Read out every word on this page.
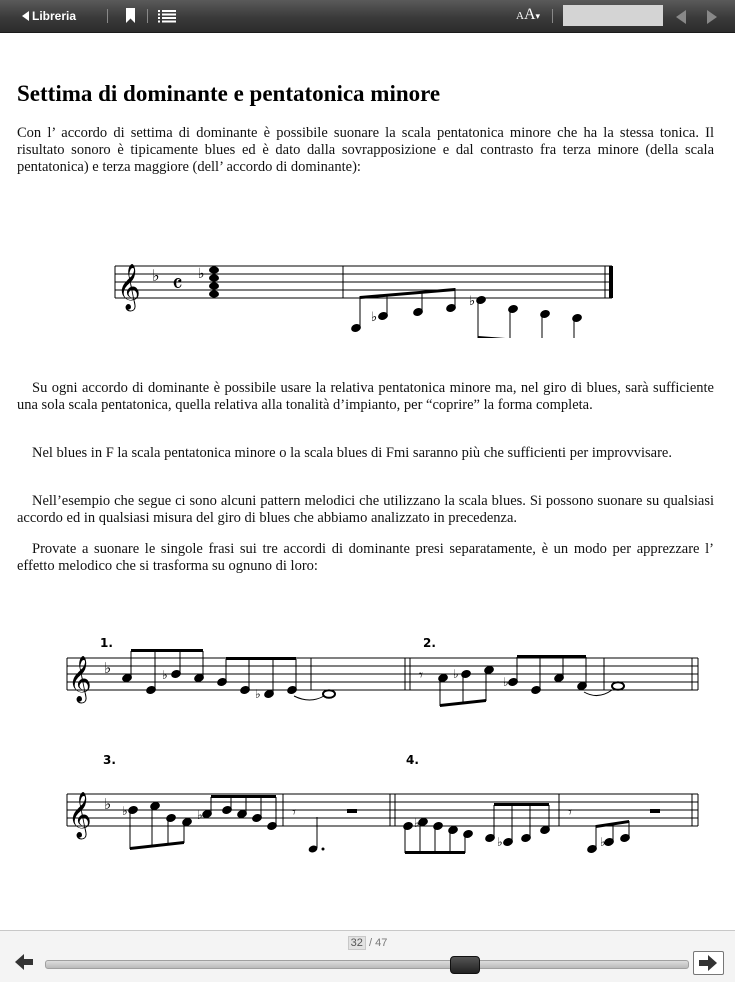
Libreria	AA▾
Settima di dominante e pentatonica minore

Con l’ accordo di settima di dominante è possibile suonare la scala pentatonica minore che ha la stessa tonica. Il risultato sonoro è tipicamente blues ed è dato dalla sovrapposizione e dal contrasto fra terza minore (della scala pentatonica) e terza maggiore (dell’ accordo di dominante):

𝄞 ♭ 𝄴 ♭
♭
♭

Su ogni accordo di dominante è possibile usare la relativa pentatonica minore ma, nel giro di blues, sarà sufficiente una sola scala pentatonica, quella relativa alla tonalità d’impianto, per “coprire” la forma completa.

Nel blues in F la scala pentatonica minore o la scala blues di Fmi saranno più che sufficienti per improvvisare.

Nell’esempio che segue ci sono alcuni pattern melodici che utilizzano la scala blues. Si possono suonare su qualsiasi accordo ed in qualsiasi misura del giro di blues che abbiamo analizzato in precedenza.

Provate a suonare le singole frasi sui tre accordi di dominante presi separatamente, è un modo per apprezzare l’ effetto melodico che si trasforma su ognuno di loro:

1.	2.
𝄞 ♭	♭
♭
𝄾	♭
♭
3.	4.
𝄞 ♭ ♭	♭	𝄾
♭
♭
𝄾
♭
32 / 47
